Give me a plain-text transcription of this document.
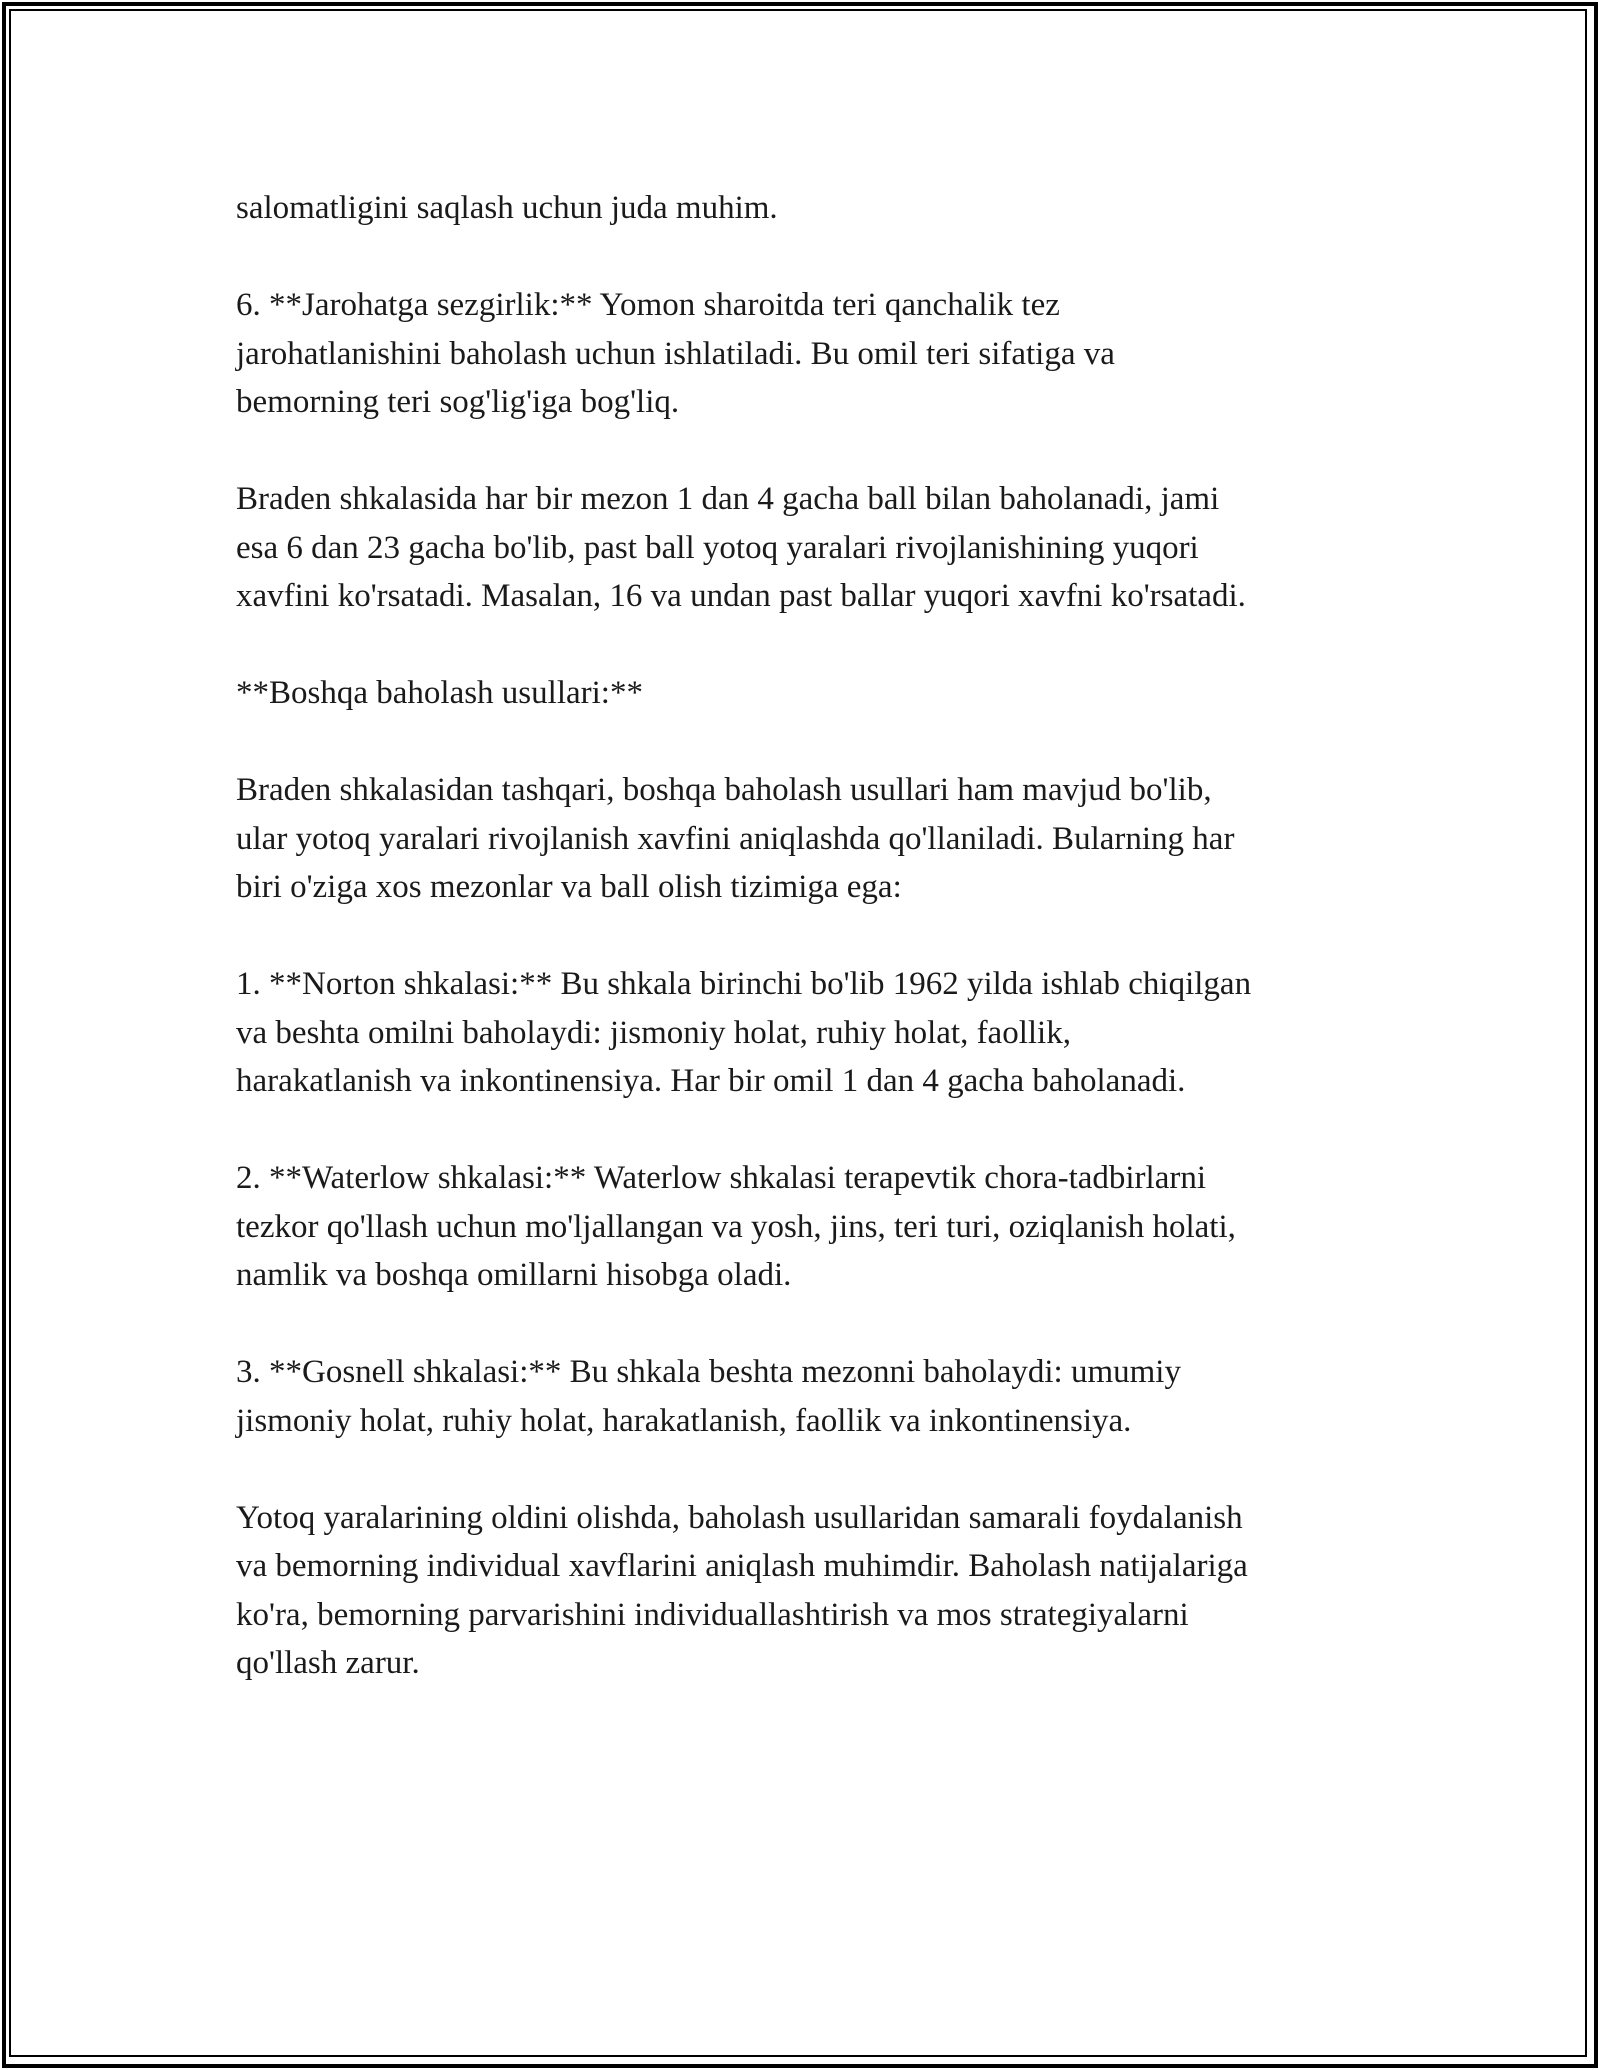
salomatligini saqlash uchun juda muhim.

6. **Jarohatga sezgirlik:** Yomon sharoitda teri qanchalik tez
jarohatlanishini baholash uchun ishlatiladi. Bu omil teri sifatiga va
bemorning teri sog'lig'iga bog'liq.

Braden shkalasida har bir mezon 1 dan 4 gacha ball bilan baholanadi, jami
esa 6 dan 23 gacha bo'lib, past ball yotoq yaralari rivojlanishining yuqori
xavfini ko'rsatadi. Masalan, 16 va undan past ballar yuqori xavfni ko'rsatadi.

**Boshqa baholash usullari:**

Braden shkalasidan tashqari, boshqa baholash usullari ham mavjud bo'lib,
ular yotoq yaralari rivojlanish xavfini aniqlashda qo'llaniladi. Bularning har
biri o'ziga xos mezonlar va ball olish tizimiga ega:

1. **Norton shkalasi:** Bu shkala birinchi bo'lib 1962 yilda ishlab chiqilgan
va beshta omilni baholaydi: jismoniy holat, ruhiy holat, faollik,
harakatlanish va inkontinensiya. Har bir omil 1 dan 4 gacha baholanadi.

2. **Waterlow shkalasi:** Waterlow shkalasi terapevtik chora-tadbirlarni
tezkor qo'llash uchun mo'ljallangan va yosh, jins, teri turi, oziqlanish holati,
namlik va boshqa omillarni hisobga oladi.

3. **Gosnell shkalasi:** Bu shkala beshta mezonni baholaydi: umumiy
jismoniy holat, ruhiy holat, harakatlanish, faollik va inkontinensiya.

Yotoq yaralarining oldini olishda, baholash usullaridan samarali foydalanish
va bemorning individual xavflarini aniqlash muhimdir. Baholash natijalariga
ko'ra, bemorning parvarishini individuallashtirish va mos strategiyalarni
qo'llash zarur.
